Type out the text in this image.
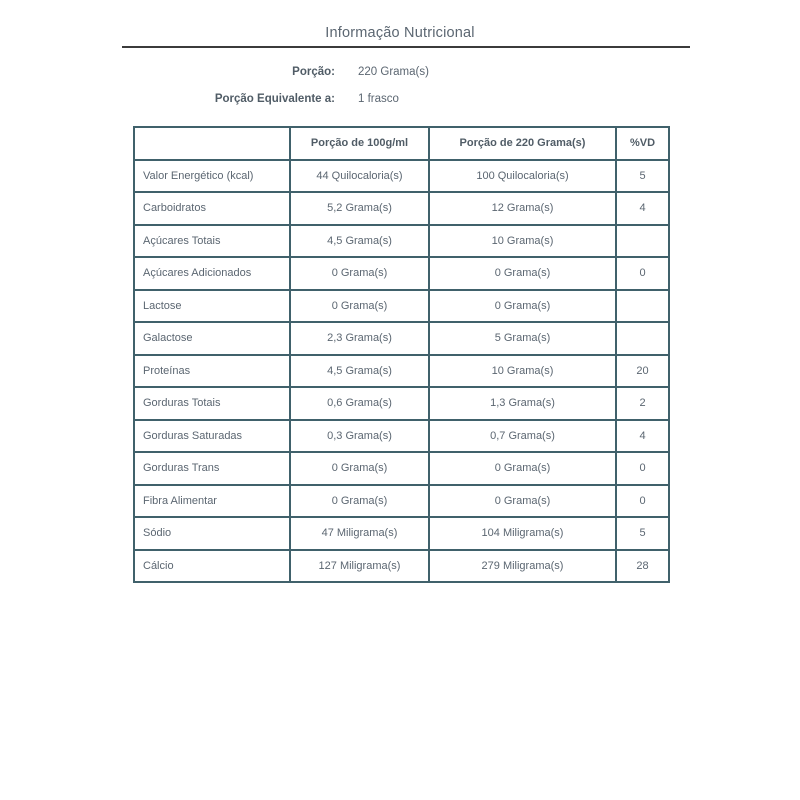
Informação Nutricional
Porção: 220 Grama(s)
Porção Equivalente a: 1 frasco
	Porção de 100g/ml	Porção de 220 Grama(s)	%VD
Valor Energético (kcal)	44 Quilocaloria(s)	100 Quilocaloria(s)	5
Carboidratos	5,2 Grama(s)	12 Grama(s)	4
Açúcares Totais	4,5 Grama(s)	10 Grama(s)	
Açúcares Adicionados	0 Grama(s)	0 Grama(s)	0
Lactose	0 Grama(s)	0 Grama(s)	
Galactose	2,3 Grama(s)	5 Grama(s)	
Proteínas	4,5 Grama(s)	10 Grama(s)	20
Gorduras Totais	0,6 Grama(s)	1,3 Grama(s)	2
Gorduras Saturadas	0,3 Grama(s)	0,7 Grama(s)	4
Gorduras Trans	0 Grama(s)	0 Grama(s)	0
Fibra Alimentar	0 Grama(s)	0 Grama(s)	0
Sódio	47 Miligrama(s)	104 Miligrama(s)	5
Cálcio	127 Miligrama(s)	279 Miligrama(s)	28
